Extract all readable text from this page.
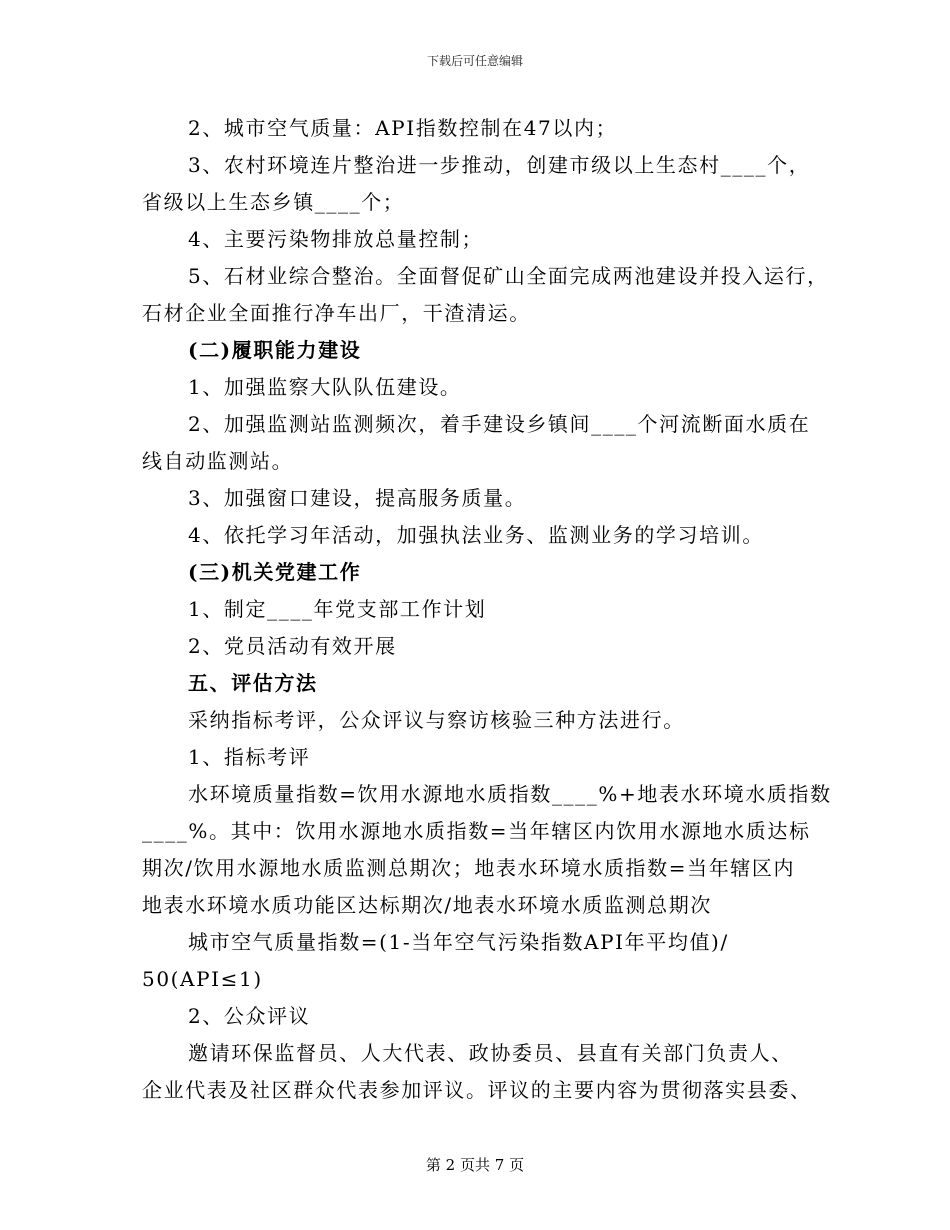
下载后可任意编辑
2、城市空气质量：API指数控制在47以内；
3、农村环境连片整治进一步推动，创建市级以上生态村____个，
省级以上生态乡镇____个；
4、主要污染物排放总量控制；
5、石材业综合整治。全面督促矿山全面完成两池建设并投入运行，
石材企业全面推行净车出厂，干渣清运。
(二)履职能力建设
1、加强监察大队队伍建设。
2、加强监测站监测频次，着手建设乡镇间____个河流断面水质在
线自动监测站。
3、加强窗口建设，提高服务质量。
4、依托学习年活动，加强执法业务、监测业务的学习培训。
(三)机关党建工作
1、制定____年党支部工作计划
2、党员活动有效开展
五、评估方法
采纳指标考评，公众评议与察访核验三种方法进行。
1、指标考评
水环境质量指数=饮用水源地水质指数____%+地表水环境水质指数
____%。其中：饮用水源地水质指数=当年辖区内饮用水源地水质达标
期次/饮用水源地水质监测总期次；地表水环境水质指数=当年辖区内
地表水环境水质功能区达标期次/地表水环境水质监测总期次
城市空气质量指数=(1-当年空气污染指数API年平均值)/
50(API≤1)
2、公众评议
邀请环保监督员、人大代表、政协委员、县直有关部门负责人、
企业代表及社区群众代表参加评议。评议的主要内容为贯彻落实县委、
第 2 页共 7 页
